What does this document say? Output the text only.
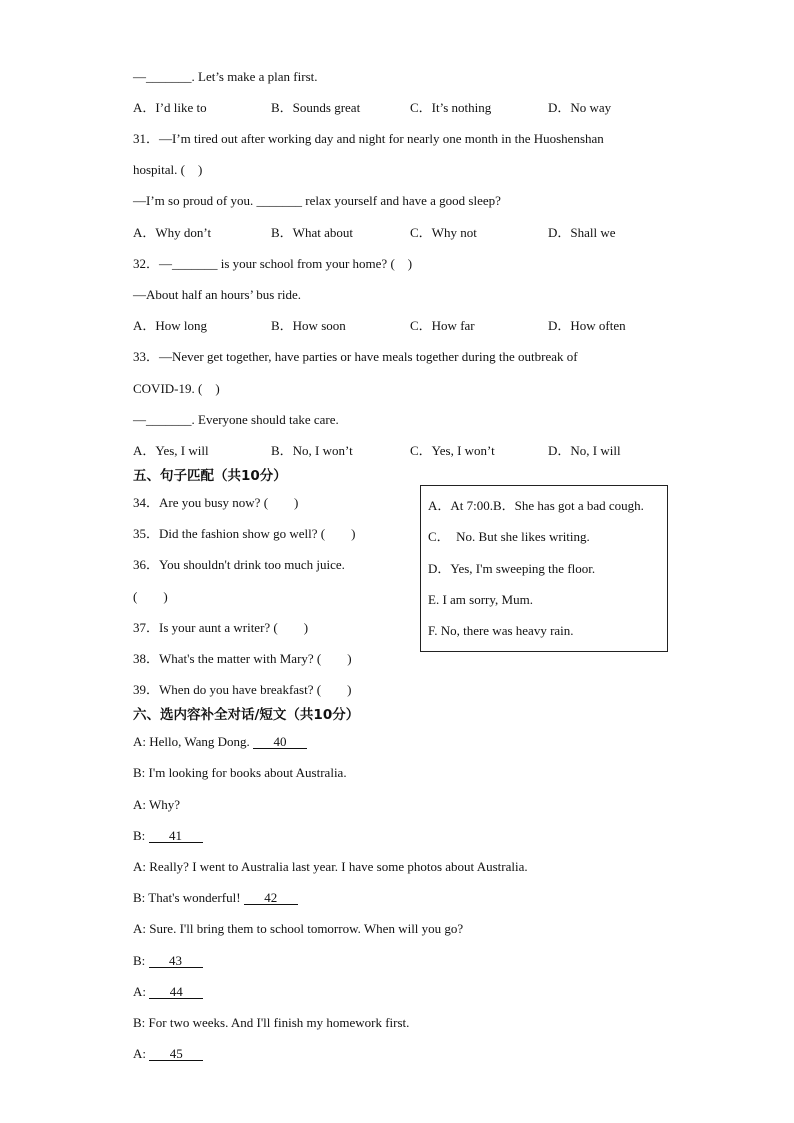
—_______. Let’s make a plan first.
A．I’d like to	B．Sounds great	C．It’s nothing	D．No way
31．—I’m tired out after working day and night for nearly one month in the Huoshenshan
hospital. (　)
—I’m so proud of you. _______ relax yourself and have a good sleep?
A．Why don’t	B．What about	C．Why not	D．Shall we
32．—_______ is your school from your home? (　)
—About half an hours’ bus ride.
A．How long	B．How soon	C．How far	D．How often
33．—Never get together, have parties or have meals together during the outbreak of
COVID-19. (　)
—_______. Everyone should take care.
A．Yes, I will	B．No, I won’t	C．Yes, I won’t	D．No, I will
五、句子匹配（共10分）
34．Are you busy now? (　　)
35．Did the fashion show go well? (　　)
36．You shouldn't drink too much juice.
(　　)
37．Is your aunt a writer? (　　)
38．What's the matter with Mary? (　　)
39．When do you have breakfast? (　　)
A．At 7:00.B．She has got a bad cough.
C．　No. But she likes writing.
D．Yes, I'm sweeping the floor.
E. I am sorry, Mum.
F. No, there was heavy rain.
六、选内容补全对话/短文（共10分）
A: Hello, Wang Dong. 40
B: I'm looking for books about Australia.
A: Why?
B: 41
A: Really? I went to Australia last year. I have some photos about Australia.
B: That's wonderful! 42
A: Sure. I'll bring them to school tomorrow. When will you go?
B: 43
A: 44
B: For two weeks. And I'll finish my homework first.
A: 45
